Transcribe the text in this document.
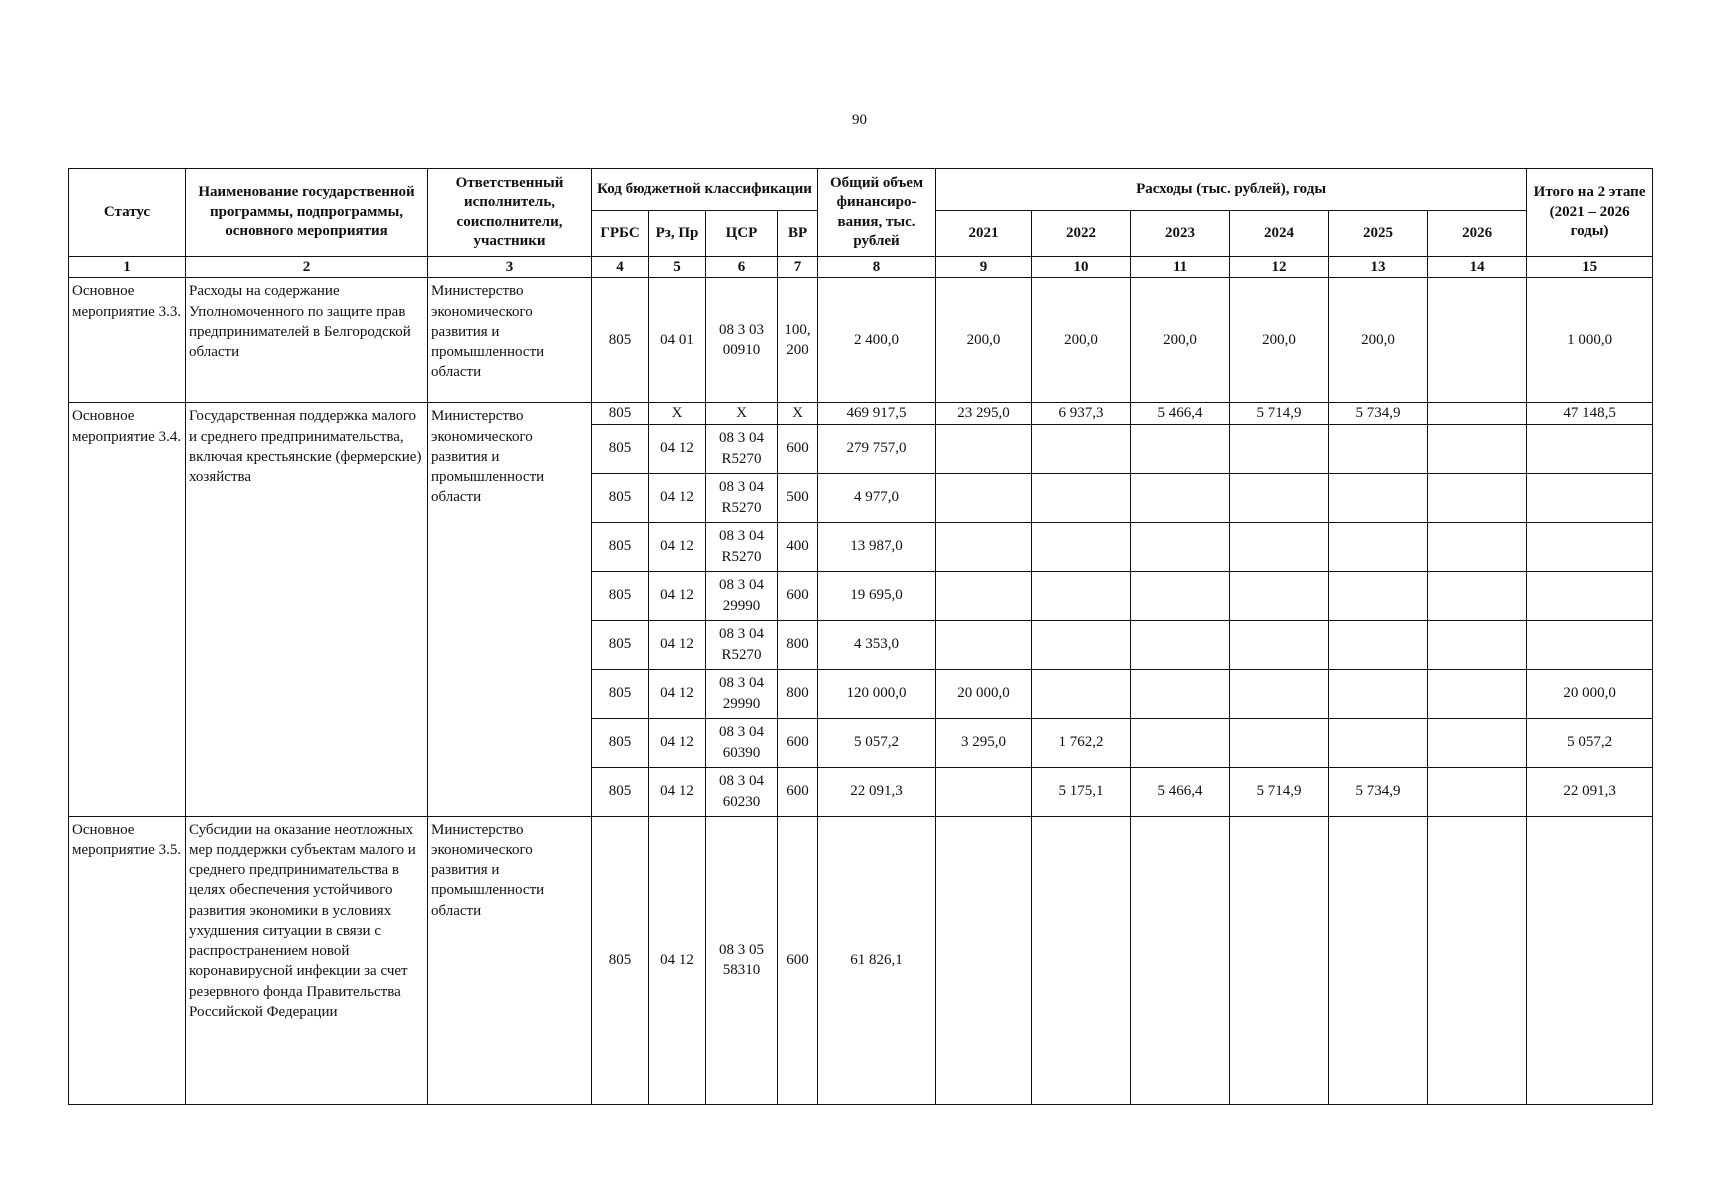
90
Статус	Наименование государственной программы, подпрограммы, основного мероприятия	Ответственный исполнитель, соисполнители, участники	Код бюджетной классификации				Общий объем финансиро-вания, тыс. рублей	Расходы (тыс. рублей), годы						Итого на 2 этапе (2021 – 2026 годы)
			ГРБС	Рз, Пр	ЦСР	ВР		2021	2022	2023	2024	2025	2026	
1	2	3	4	5	6	7	8	9	10	11	12	13	14	15
Основное мероприятие 3.3.	Расходы на содержание Уполномоченного по защите прав предпринимателей в Белгородской области	Министерство экономического развития и промышленности области	805	04 01	08 3 03 00910	100, 200	2 400,0	200,0	200,0	200,0	200,0	200,0		1 000,0
Основное мероприятие 3.4.	Государственная поддержка малого и среднего предпринимательства, включая крестьянские (фермерские) хозяйства	Министерство экономического развития и промышленности области	805	X	X	X	469 917,5	23 295,0	6 937,3	5 466,4	5 714,9	5 734,9		47 148,5
			805	04 12	08 3 04 R5270	600	279 757,0							
			805	04 12	08 3 04 R5270	500	4 977,0							
			805	04 12	08 3 04 R5270	400	13 987,0							
			805	04 12	08 3 04 29990	600	19 695,0							
			805	04 12	08 3 04 R5270	800	4 353,0							
			805	04 12	08 3 04 29990	800	120 000,0	20 000,0						20 000,0
			805	04 12	08 3 04 60390	600	5 057,2	3 295,0	1 762,2					5 057,2
			805	04 12	08 3 04 60230	600	22 091,3		5 175,1	5 466,4	5 714,9	5 734,9		22 091,3
Основное мероприятие 3.5.	Субсидии на оказание неотложных мер поддержки субъектам малого и среднего предпринимательства в целях обеспечения устойчивого развития экономики в условиях ухудшения ситуации в связи с распространением новой коронавирусной инфекции за счет резервного фонда Правительства Российской Федерации	Министерство экономического развития и промышленности области	805	04 12	08 3 05 58310	600	61 826,1							
